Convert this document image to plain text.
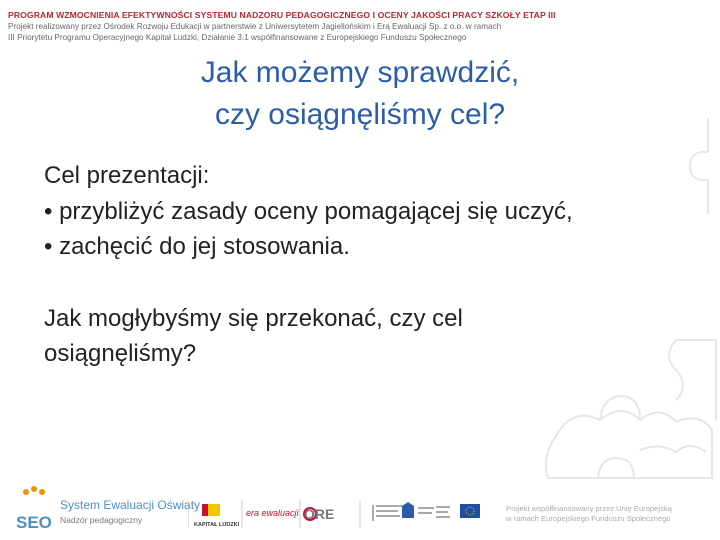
PROGRAM WZMOCNIENIA EFEKTYWNOŚCI SYSTEMU NADZORU PEDAGOGICZNEGO I OCENY JAKOŚCI PRACY SZKOŁY ETAP III
Projekt realizowany przez Ośrodek Rozwoju Edukacji w partnerstwie z Uniwersytetem Jagiellońskim i Erą Ewaluacji Sp. z o.o. w ramach
III Priorytetu Programu Operacyjnego Kapitał Ludzki, Działanie 3.1 współfinansowane z Europejskiego Funduszu Społecznego
Jak możemy sprawdzić,
czy osiągnęliśmy cel?
Cel prezentacji:
• przybliżyć zasady oceny pomagającej się uczyć,
• zachęcić do jej stosowania.
Jak mogłybyśmy się przekonać, czy cel
osiągnęliśmy?
SEO
System Ewaluacji Oświaty
Nadzór pedagogiczny	KAPITAŁ LUDZKI
era ewaluacji ORE	Projekt współfinansowany przez Unię Europejską
w ramach Europejskiego Funduszu Społecznego
